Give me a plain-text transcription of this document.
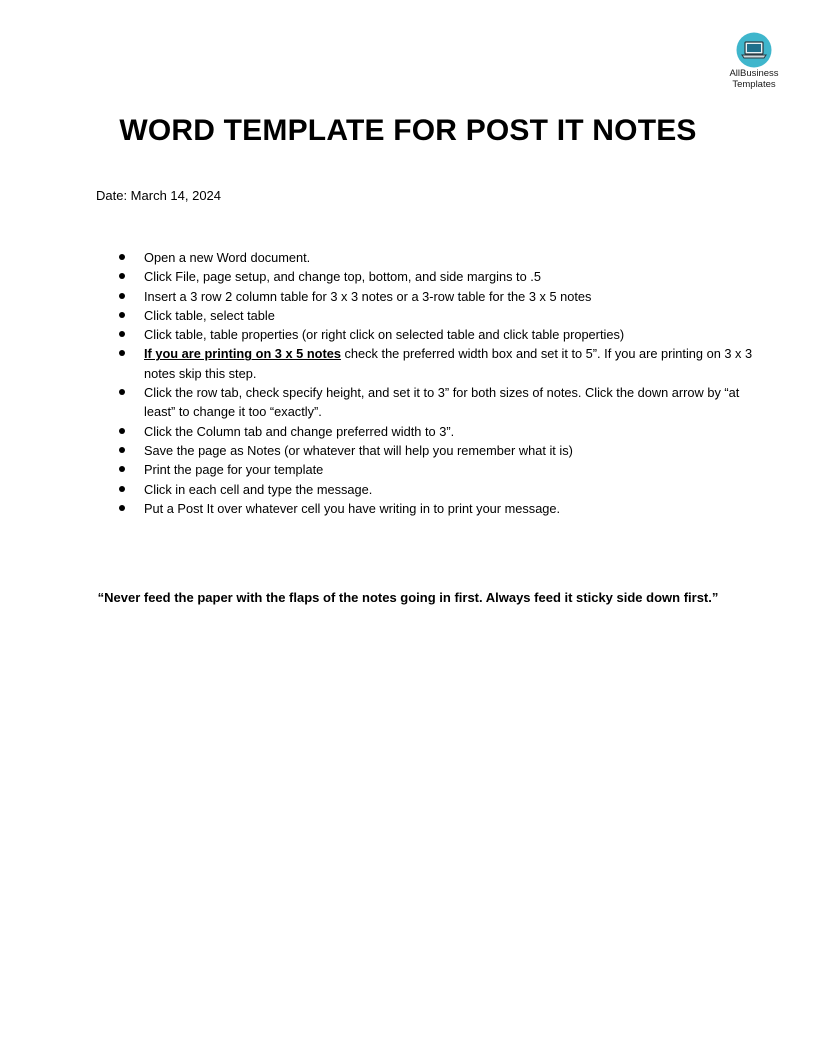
AllBusiness
Templates
WORD TEMPLATE FOR POST IT NOTES

Date: March 14, 2024

Open a new Word document.
Click File, page setup, and change top, bottom, and side margins to .5
Insert a 3 row 2 column table for 3 x 3 notes or a 3-row table for the 3 x 5 notes
Click table, select table
Click table, table properties (or right click on selected table and click table properties)
If you are printing on 3 x 5 notes check the preferred width box and set it to 5”. If you are printing on 3 x 3 notes skip this step.
Click the row tab, check specify height, and set it to 3” for both sizes of notes. Click the down arrow by “at least” to change it too “exactly”.
Click the Column tab and change preferred width to 3”.
Save the page as Notes (or whatever that will help you remember what it is)
Print the page for your template
Click in each cell and type the message.
Put a Post It over whatever cell you have writing in to print your message.

“Never feed the paper with the flaps of the notes going in first. Always feed it sticky side down first.”
